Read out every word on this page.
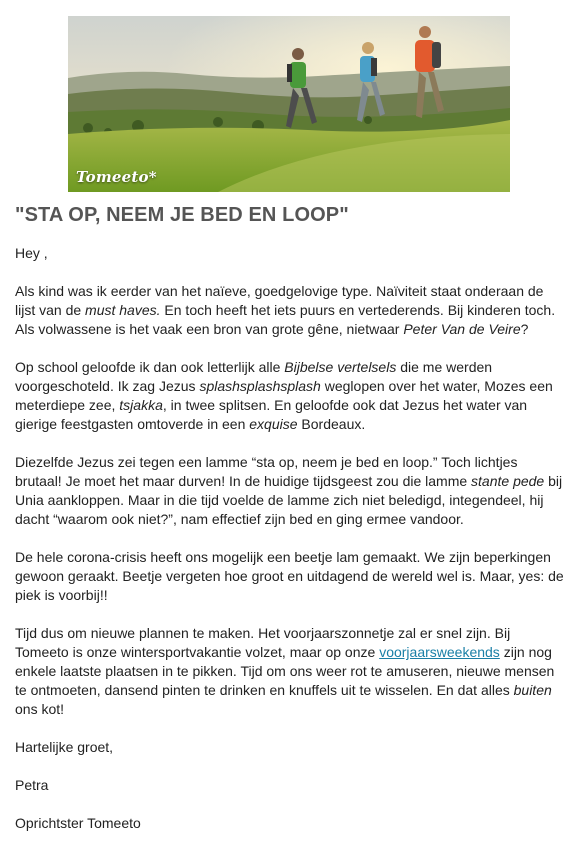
Tomeeto*
"STA OP, NEEM JE BED EN LOOP"

Hey ,

Als kind was ik eerder van het naïeve, goedgelovige type. Naïviteit staat onderaan de lijst van de must haves. En toch heeft het iets puurs en vertederends. Bij kinderen toch. Als volwassene is het vaak een bron van grote gêne, nietwaar Peter Van de Veire?

Op school geloofde ik dan ook letterlijk alle Bijbelse vertelsels die me werden voorgeschoteld. Ik zag Jezus splashsplashsplash weglopen over het water, Mozes een meterdiepe zee, tsjakka, in twee splitsen. En geloofde ook dat Jezus het water van gierige feestgasten omtoverde in een exquise Bordeaux.

Diezelfde Jezus zei tegen een lamme “sta op, neem je bed en loop.” Toch lichtjes brutaal! Je moet het maar durven! In de huidige tijdsgeest zou die lamme stante pede bij Unia aankloppen. Maar in die tijd voelde de lamme zich niet beledigd, integendeel, hij dacht “waarom ook niet?”, nam effectief zijn bed en ging ermee vandoor.

De hele corona-crisis heeft ons mogelijk een beetje lam gemaakt. We zijn beperkingen gewoon geraakt. Beetje vergeten hoe groot en uitdagend de wereld wel is. Maar, yes: de piek is voorbij!!

Tijd dus om nieuwe plannen te maken. Het voorjaarszonnetje zal er snel zijn. Bij Tomeeto is onze wintersportvakantie volzet, maar op onze voorjaarsweekends zijn nog enkele laatste plaatsen in te pikken. Tijd om ons weer rot te amuseren, nieuwe mensen te ontmoeten, dansend pinten te drinken en knuffels uit te wisselen. En dat alles buiten ons kot!

Hartelijke groet,

Petra

Oprichtster Tomeeto
